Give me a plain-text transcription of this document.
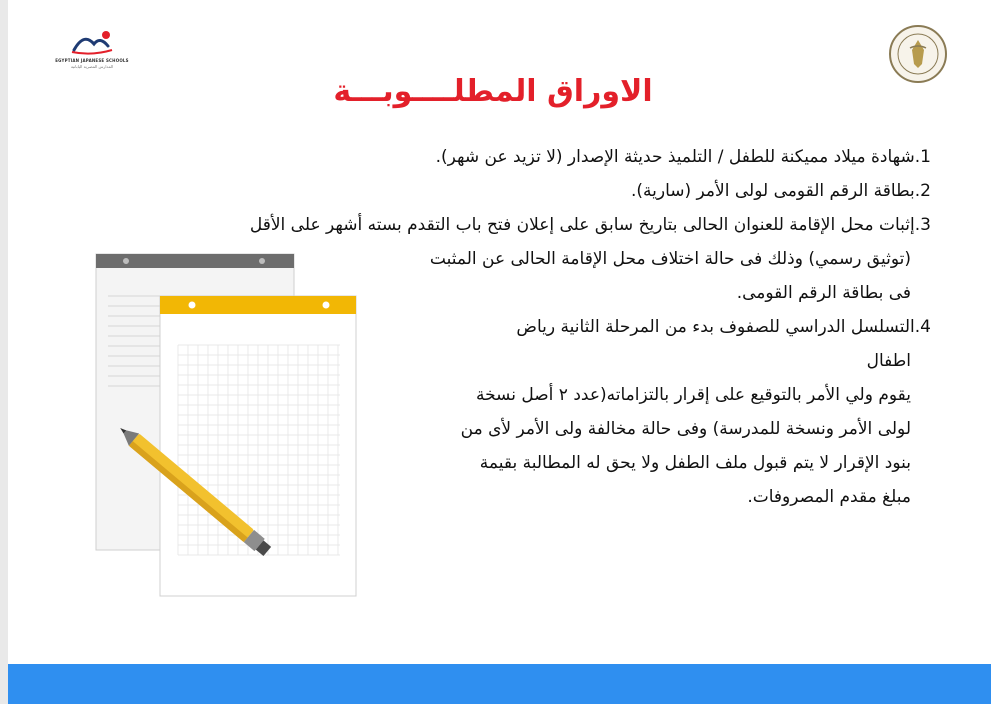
EGYPTIAN JAPANESE SCHOOLS
المدارس المصرية اليابانية
الاوراق المطلــــوبـــة
1.شهادة ميلاد مميكنة للطفل / التلميذ حديثة الإصدار (لا تزيد عن شهر).
2.بطاقة الرقم القومى لولى الأمر (سارية).
3.إثبات محل الإقامة للعنوان الحالى بتاريخ سابق على إعلان فتح باب التقدم بسته أشهر على الأقل
(توثيق رسمي) وذلك فى حالة اختلاف محل الإقامة الحالى عن المثبت
فى بطاقة الرقم القومى.
4.التسلسل الدراسي للصفوف بدء من المرحلة الثانية رياض
اطفال
يقوم ولي الأمر بالتوقيع على إقرار بالتزاماته(عدد ٢ أصل نسخة
لولى الأمر ونسخة للمدرسة) وفى حالة مخالفة ولى الأمر لأى من
بنود الإقرار لا يتم قبول ملف الطفل ولا يحق له المطالبة بقيمة
مبلغ مقدم المصروفات.
